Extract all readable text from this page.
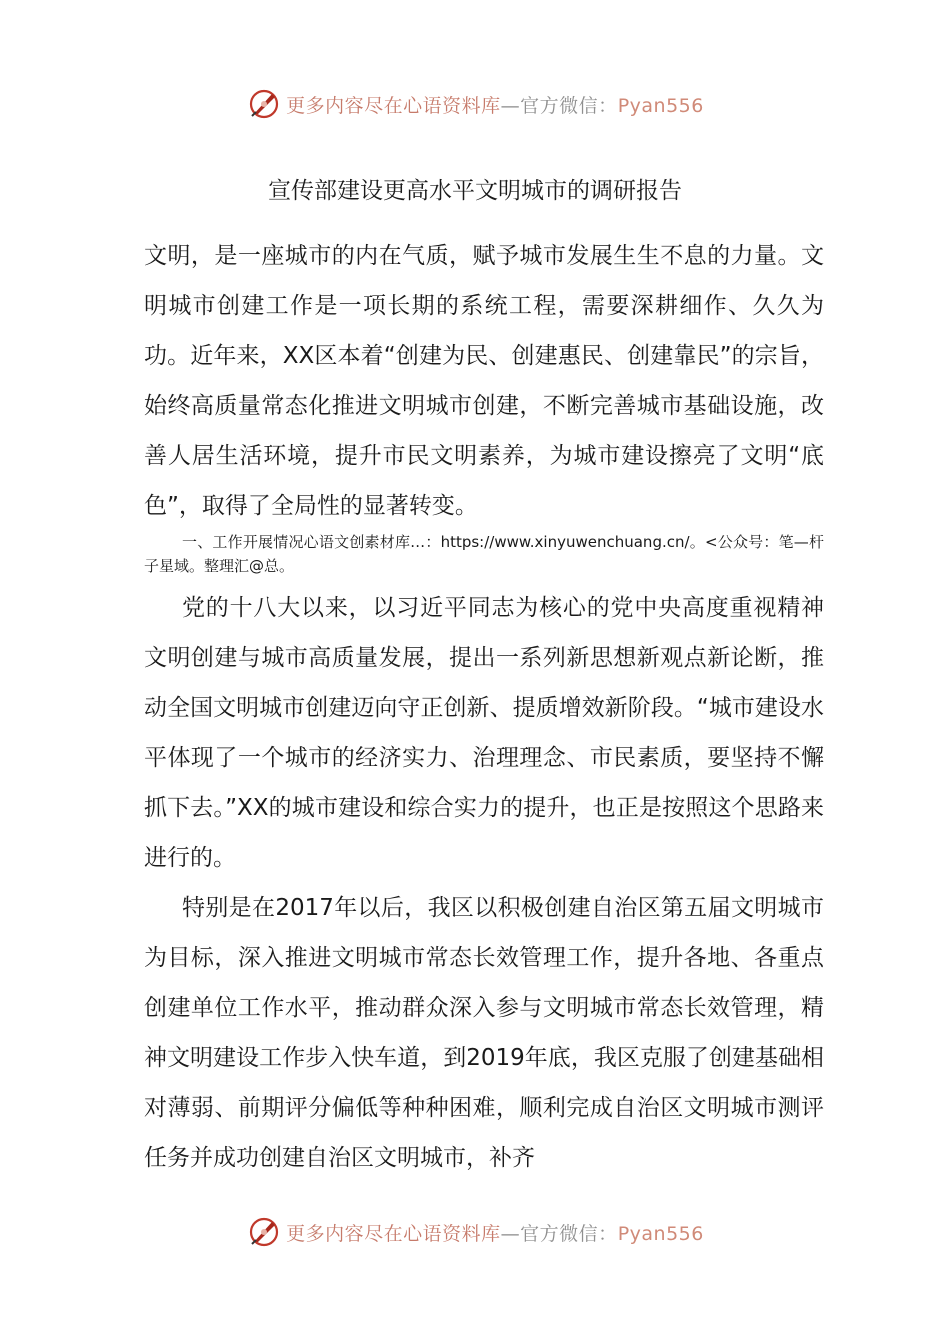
更多内容尽在心语资料库—官方微信：Pyan556
宣传部建设更高水平文明城市的调研报告

文明，是一座城市的内在气质，赋予城市发展生生不息的力量。文明城市创建工作是一项长期的系统工程，需要深耕细作、久久为功。近年来，XX区本着“创建为民、创建惠民、创建靠民”的宗旨，始终高质量常态化推进文明城市创建，不断完善城市基础设施，改善人居生活环境，提升市民文明素养，为城市建设擦亮了文明“底色”，取得了全局性的显著转变。

一、工作开展情况心语文创素材库…：https://www.xinyuwenchuang.cn/。<公众号：笔—杆子星域。整理汇@总。

党的十八大以来，以习近平同志为核心的党中央高度重视精神文明创建与城市高质量发展，提出一系列新思想新观点新论断，推动全国文明城市创建迈向守正创新、提质增效新阶段。“城市建设水平体现了一个城市的经济实力、治理理念、市民素质，要坚持不懈抓下去。”XX的城市建设和综合实力的提升，也正是按照这个思路来进行的。

特别是在2017年以后，我区以积极创建自治区第五届文明城市为目标，深入推进文明城市常态长效管理工作，提升各地、各重点创建单位工作水平，推动群众深入参与文明城市常态长效管理，精神文明建设工作步入快车道，到2019年底，我区克服了创建基础相对薄弱、前期评分偏低等种种困难，顺利完成自治区文明城市测评任务并成功创建自治区文明城市，补齐

更多内容尽在心语资料库—官方微信：Pyan556
